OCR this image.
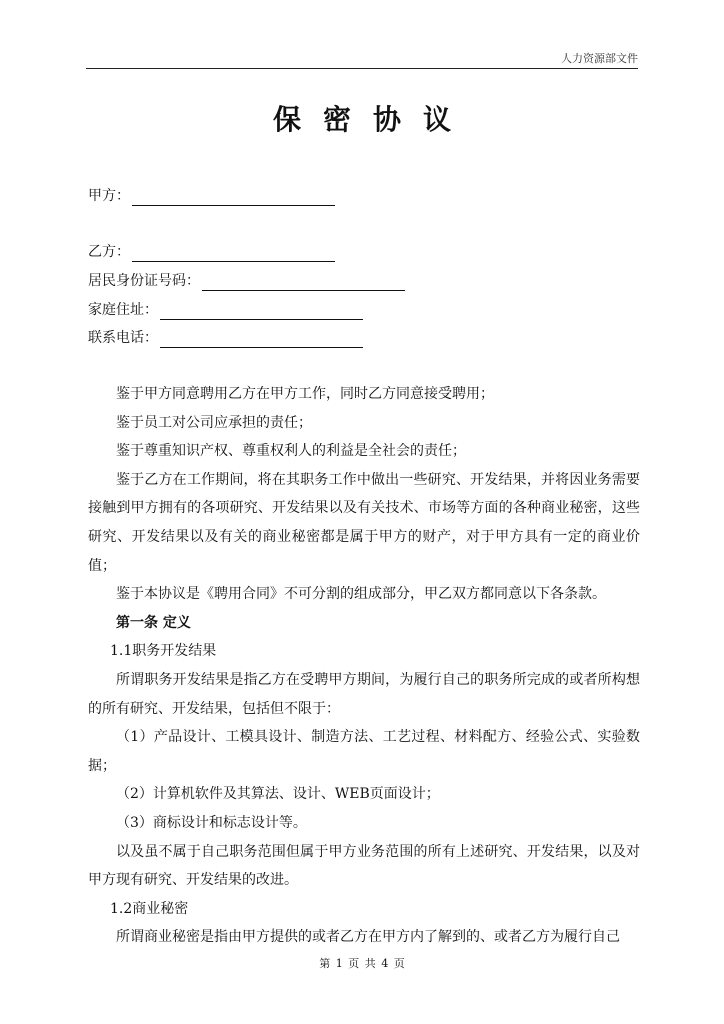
人力资源部文件
保密协议
甲方：
乙方：
居民身份证号码：
家庭住址：
联系电话：

鉴于甲方同意聘用乙方在甲方工作，同时乙方同意接受聘用；

鉴于员工对公司应承担的责任；

鉴于尊重知识产权、尊重权利人的利益是全社会的责任；

鉴于乙方在工作期间，将在其职务工作中做出一些研究、开发结果，并将因业务需要接触到甲方拥有的各项研究、开发结果以及有关技术、市场等方面的各种商业秘密，这些研究、开发结果以及有关的商业秘密都是属于甲方的财产，对于甲方具有一定的商业价值；

鉴于本协议是《聘用合同》不可分割的组成部分，甲乙双方都同意以下各条款。

第一条 定义

1.1职务开发结果

所谓职务开发结果是指乙方在受聘甲方期间，为履行自己的职务所完成的或者所构想的所有研究、开发结果，包括但不限于：

（1）产品设计、工模具设计、制造方法、工艺过程、材料配方、经验公式、实验数据；

（2）计算机软件及其算法、设计、WEB页面设计；

（3）商标设计和标志设计等。

以及虽不属于自己职务范围但属于甲方业务范围的所有上述研究、开发结果，以及对甲方现有研究、开发结果的改进。

1.2商业秘密

所谓商业秘密是指由甲方提供的或者乙方在甲方内了解到的、或者乙方为履行自己

第 1 页 共 4 页
